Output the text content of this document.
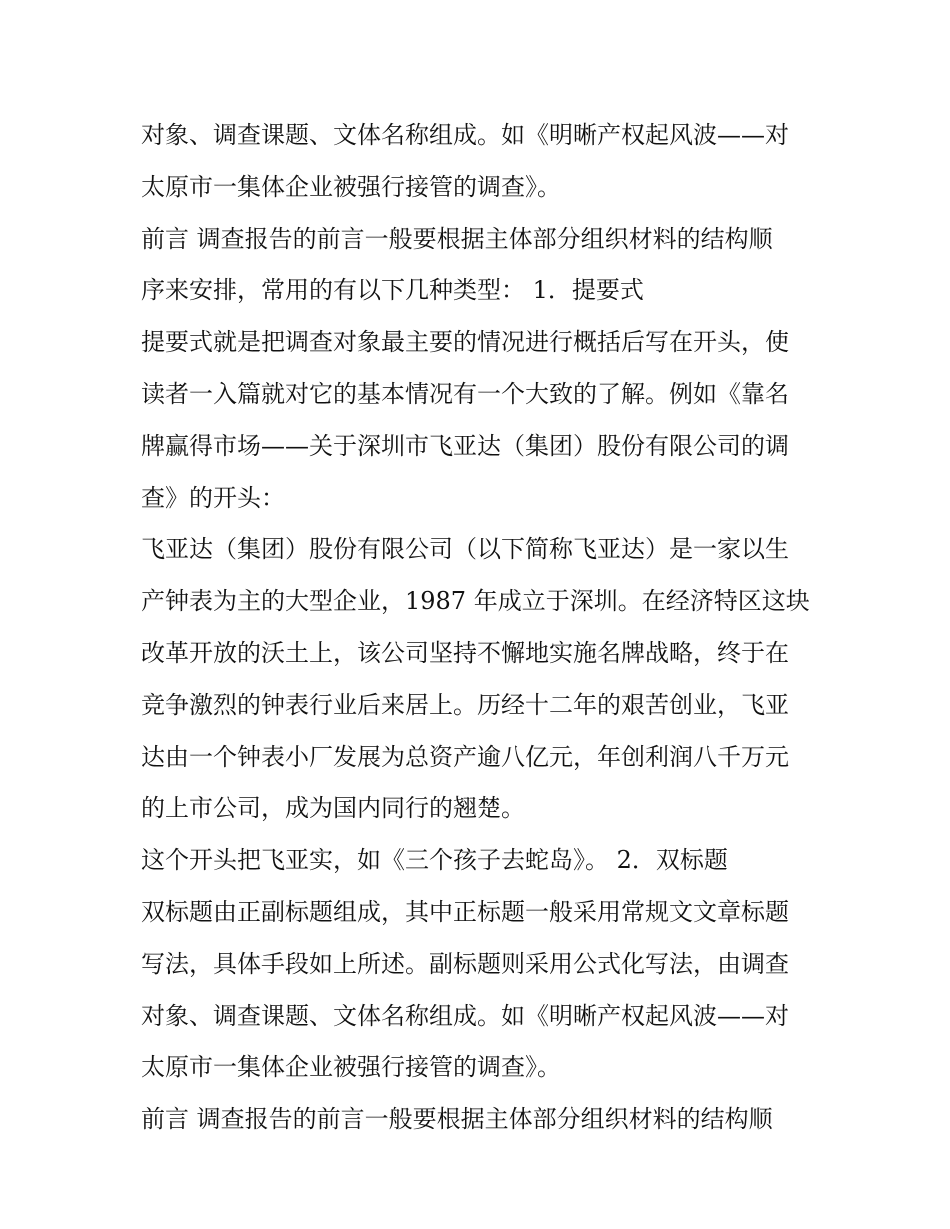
对象、调查课题、文体名称组成。如《明晰产权起风波——对
太原市一集体企业被强行接管的调查》。
前言 调查报告的前言一般要根据主体部分组织材料的结构顺
序来安排，常用的有以下几种类型： 1．提要式
提要式就是把调查对象最主要的情况进行概括后写在开头，使
读者一入篇就对它的基本情况有一个大致的了解。例如《靠名
牌赢得市场——关于深圳市飞亚达（集团）股份有限公司的调
查》的开头：
飞亚达（集团）股份有限公司（以下简称飞亚达）是一家以生
产钟表为主的大型企业，1987 年成立于深圳。在经济特区这块
改革开放的沃土上，该公司坚持不懈地实施名牌战略，终于在
竞争激烈的钟表行业后来居上。历经十二年的艰苦创业，飞亚
达由一个钟表小厂发展为总资产逾八亿元，年创利润八千万元
的上市公司，成为国内同行的翘楚。
这个开头把飞亚实，如《三个孩子去蛇岛》。 2．双标题
双标题由正副标题组成，其中正标题一般采用常规文文章标题
写法，具体手段如上所述。副标题则采用公式化写法，由调查
对象、调查课题、文体名称组成。如《明晰产权起风波——对
太原市一集体企业被强行接管的调查》。
前言 调查报告的前言一般要根据主体部分组织材料的结构顺
